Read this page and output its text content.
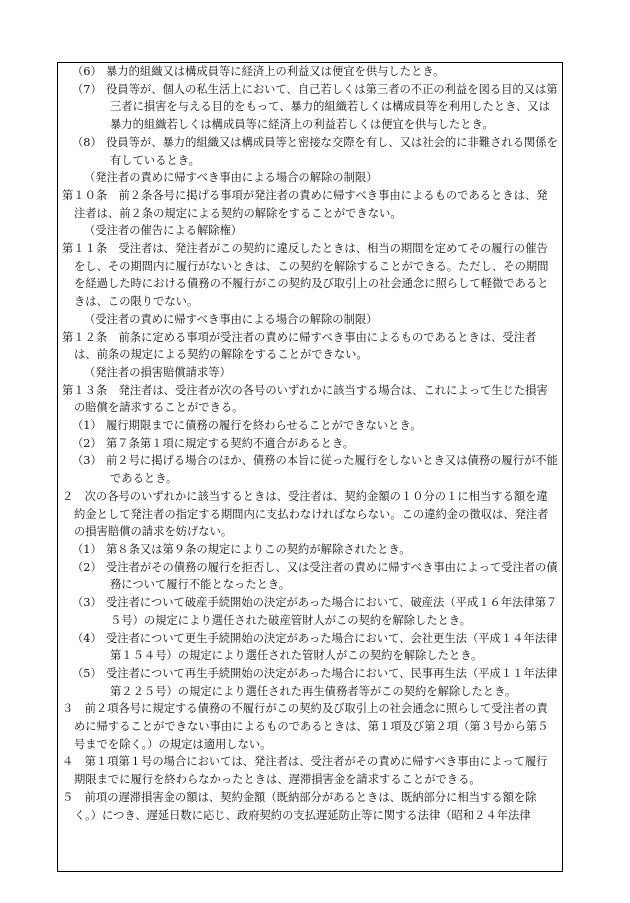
（6） 暴力的組織又は構成員等に経済上の利益又は便宜を供与したとき。

（7） 役員等が、個人の私生活上において、自己若しくは第三者の不正の利益を図る目的又は第三者に損害を与える目的をもって、暴力的組織若しくは構成員等を利用したとき、又は暴力的組織若しくは構成員等に経済上の利益若しくは便宜を供与したとき。

（8） 役員等が、暴力的組織又は構成員等と密接な交際を有し、又は社会的に非難される関係を有しているとき。

（発注者の責めに帰すべき事由による場合の解除の制限）

第１０条　前２条各号に掲げる事項が発注者の責めに帰すべき事由によるものであるときは、発注者は、前２条の規定による契約の解除をすることができない。

（受注者の催告による解除権）

第１１条　受注者は、発注者がこの契約に違反したときは、相当の期間を定めてその履行の催告をし、その期間内に履行がないときは、この契約を解除することができる。ただし、その期間を経過した時における債務の不履行がこの契約及び取引上の社会通念に照らして軽微であるときは、この限りでない。

（受注者の責めに帰すべき事由による場合の解除の制限）

第１２条　前条に定める事項が受注者の責めに帰すべき事由によるものであるときは、受注者は、前条の規定による契約の解除をすることができない。

（発注者の損害賠償請求等）

第１３条　発注者は、受注者が次の各号のいずれかに該当する場合は、これによって生じた損害の賠償を請求することができる。

（1） 履行期限までに債務の履行を終わらせることができないとき。

（2） 第７条第１項に規定する契約不適合があるとき。

（3） 前２号に掲げる場合のほか、債務の本旨に従った履行をしないとき又は債務の履行が不能であるとき。

２　次の各号のいずれかに該当するときは、受注者は、契約金額の１０分の１に相当する額を違約金として発注者の指定する期間内に支払わなければならない。この違約金の徴収は、発注者の損害賠償の請求を妨げない。

（1） 第８条又は第９条の規定によりこの契約が解除されたとき。

（2） 受注者がその債務の履行を拒否し、又は受注者の責めに帰すべき事由によって受注者の債務について履行不能となったとき。

（3） 受注者について破産手続開始の決定があった場合において、破産法（平成１６年法律第７５号）の規定により選任された破産管財人がこの契約を解除したとき。

（4） 受注者について更生手続開始の決定があった場合において、会社更生法（平成１４年法律第１５４号）の規定により選任された管財人がこの契約を解除したとき。

（5） 受注者について再生手続開始の決定があった場合において、民事再生法（平成１１年法律第２２５号）の規定により選任された再生債務者等がこの契約を解除したとき。

３　前２項各号に規定する債務の不履行がこの契約及び取引上の社会通念に照らして受注者の責めに帰することができない事由によるものであるときは、第１項及び第２項（第３号から第５号までを除く。）の規定は適用しない。

４　第１項第１号の場合においては、発注者は、受注者がその責めに帰すべき事由によって履行期限までに履行を終わらなかったときは、遅滞損害金を請求することができる。

５　前項の遅滞損害金の額は、契約金額（既納部分があるときは、既納部分に相当する額を除く。）につき、遅延日数に応じ、政府契約の支払遅延防止等に関する法律（昭和２４年法律
